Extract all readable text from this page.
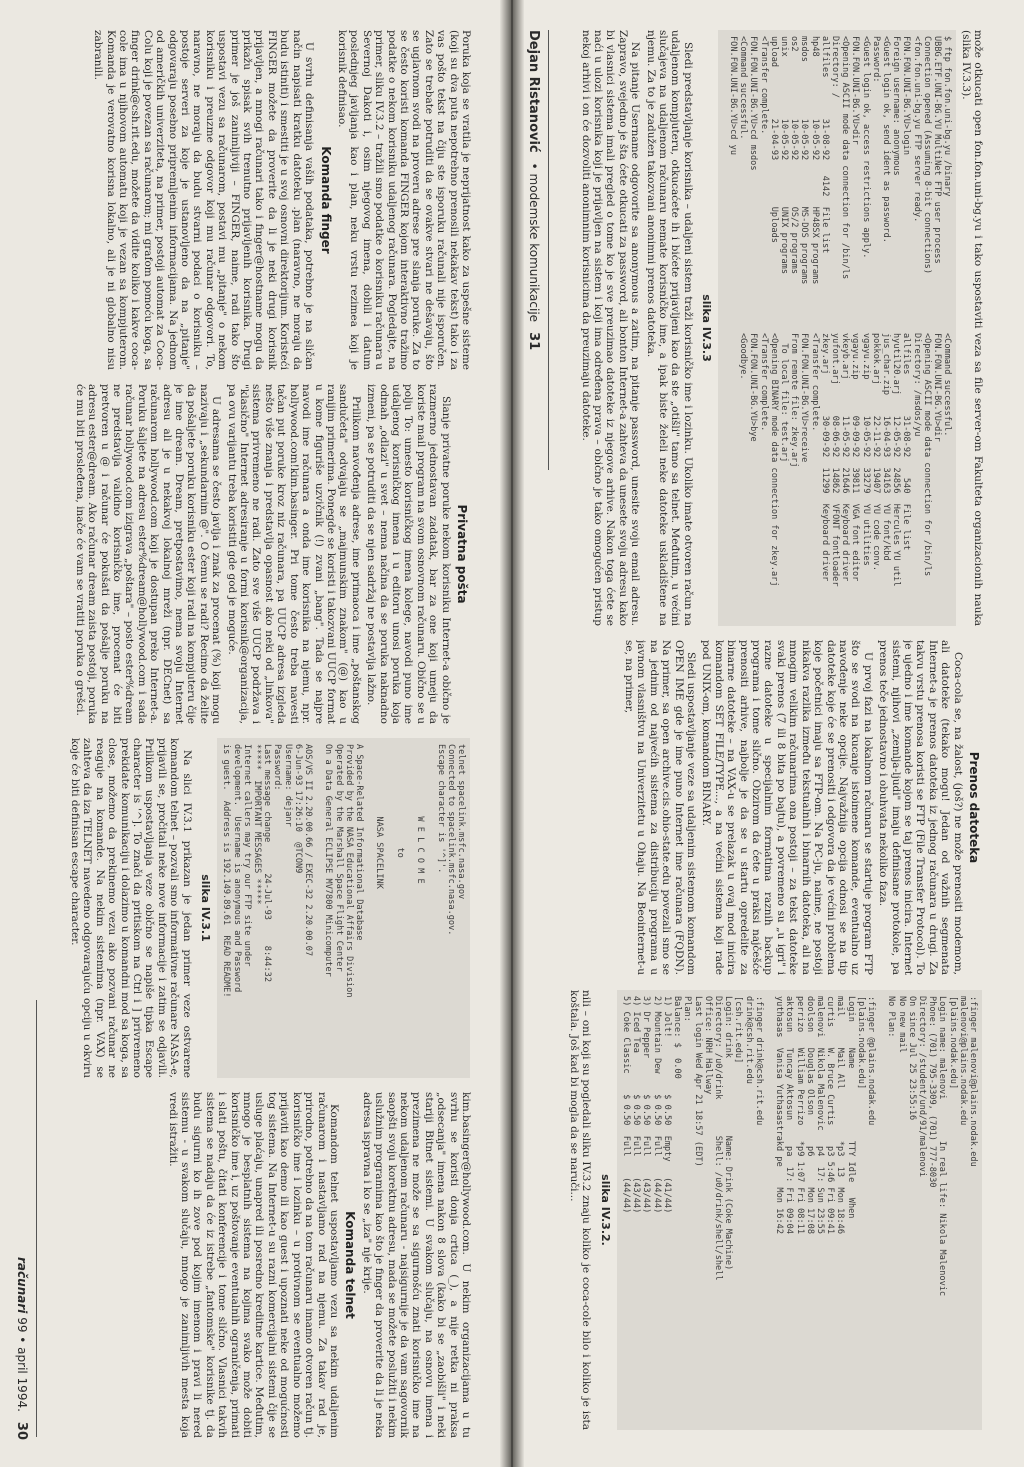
kim.basinger@hollywood.com. U nekim organizacijama u tu svrhu se koristi donja crtica (_), a nije retka ni praksa „odsecanja" imena nakon 8 slova (kako bi se „zaobišli" i neki stariji Bitnet sistemi. U svakom slučaju, na osnovu imena i prezimena ne može se sa sigurnošću znati korisničko ime na nekom udaljenom računaru - najsigurnije je da vam sagovornik saopšti svoju korektnu adresu, mada se možete poslužiti i nekim uslužnim programima kao što je finger da proverite da li je neka adresa ispravna i ko se „iza" nje krije.

Komanda telnet

Komandom telnet uspostavljamo vezu sa nekim udaljenim računarom i nastavljamo rad na njemu. Za takav rad je, prirodno, potrebno da na tom računaru imamo otvoren račun tj. korisničko ime i lozinku – u protivnom se eventualno možemo prijaviti kao demo ili kao guest i upoznati neke od mogućnosti tog sistema. Na Internet-u su razni komercijalni sistemi čije se usluge plaćaju, unapred ili posredno kreditne kartice. Međutim, mnogo je besplatnih sistema na kojima svako može dobiti korisničko ime i, uz poštovanje eventualnih ograničenja, primati i slati poštu, čitati konferencije i tome slično. Vlasnici takvih sistema se nadaju da će iz istrebe „fantomske" korisnike tj. da budu sigurni ko ih zove pod kojim imenom i pravi li nered sistemu - u svakom slučaju, mnogo je zanimljivih mesta koja vredi istražiti.

telnet spacelink.msfc.nasa.gov
Connected to spacelink.msfc.nasa.gov.
Escape character is '^]'.

W E L C O M E

to

NASA SPACELINK

A Space-Related Informational Database
Provided by the NASA Educational Affairs Division
Operated by the Marshall Space Flight Center
On a Data General ECLIPSE MV7800 Minicomputer

AOS/VS II 2.20.00.66 / EXEC-32 2.20.00.07
6-Jun-93 17:26:10  @TCON9
Username: dejanr
Password:
Last message change      24-Jul-93     8:44:32
*****  IMPORTANT MESSAGES *****
Internet callers may try our FTP site under
development.  Username is anonymous and Password
is guest.  Address is 192.149.89.61  READ README!
slika IV.3.1

Na slici IV.3.1 prikazan je jedan primer veze ostvarene komandom telnet – pozvali smo informativne računare NASA-e, prijavili se, pročitali neke nove informacije i zatim se odjavili. Prilikom uspostavljanja veze obično se napiše tipka Escape character is '^]. To znači da pritiskom na Ctrl i ] privremeno prekidate komunikaciju i dolazimo u komandni mod sa koga, sa close, možemo da prekinemo vezu ako pozvani računar ne reaguje na komande. Na nekim sistemima (npr. VAX) se zahteva da iza TELNET navedeno odgovarajuću opciju u okviru koje će biti definisan escape character.

Privatna pošta

Slanje privatne poruke nekom korisniku Internet-a obično je razmerno jednostavan zadatak, bar za one koji umeju da koriste mail program na svom osnovnom računaru. Obično se u polju To: umesto korisničkog imena kolege, navodi puno ime udaljenog korisničkog imena i u editoru unosi poruka koja odmah „odlazi" u svet – nema načina da se poruka naknadno izmeni, pa se potruditi da se njen sadržaj ne postavlja lažno.

Prilikom navođenja adrese, ime primaoca i ime „poštanskog sandučeta" odvajaju se „majmunskim znakom" (@) kao u ranijim primerima. Ponegde se koristi i takozvani UUCP format u kome figuriše uzvičnik (!) zvani „bang". Tada se najpre navodi ime računara a onda ime korisnika na njemu, npr. hollywood.com!kim.basinger. Pri tome često treba navesti tačan put poruke kroz niz računara, pa UUCP adresa izgleda nešto više znanja i predstavlja opasnost ako neki od „linkova" sistema privremeno ne radi. Zato sve više UUCP podržava i "klasično" Internet adresiranje u formi korisnik@organizacija, pa ovu varijantu treba koristiti gde god je moguće.

U adresama se često javlja i znak za procenat (%) koji mogu nazivaju i „sekundarnim @". O čemu se radi? Recimo da želite da pošaljete poruku korisniku ester koji radi na kompjuteru čije je ime dream. Dream, pretpostavimo, nema svoju Internet adresu ali je u nekakvoj lokalnoj mreži (npr. DECnet) sa računarom hollywood.com koji je dostupan preko Internet-a. Poruku šaljete na adresu ester%dream@hollywood.com i sada računar hollywood.com izigrava „poštara" – posto ester%dream ne predstavlja validno korisničko ime, procenat će biti pretvoren u @ i računar će pokušati da pošalje poruku na adresu ester@dream. Ako računar dream zaista postoji, poruka će mu biti prosleđena, inače će vam se vratiti poruka o grešci.

Poruka koja se vratila je neprijatnost kako za uspešne sisteme (koji su dva puta nepotrebno prenosili nekakav tekst) tako i za vas pošto tekst na čiju ste isporuku računali nije isporučen. Zato se trebate potruditi da se ovakve stvari ne dešavaju, što se uglavnom svodi na proveru adrese pre slanja poruke. Za to se često koristi komanda FINGER kojom interaktivno tražimo podatke o nekom korisniku udaljenog računara. Pogledajte, na primer, sliku IV.3.2 – tražili smo podatke o korisniku računara u Severnoj Dakoti i, osim njegovog imena, dobili i datum poslednjeg javljanja kao i plan, neku vrstu rezimea koji je korisnik definisao.

Komanda finger

U svrhu definisanja vaših podataka, potrebno je na sličan način napisati kratku datoteku .plan (naravno, ne moraju da budu istiniti) i smestiti je u svoj osnovni direktorijum. Koristeći FINGER možete da proverite da li je neki drugi korisnik prijavljen, a mnogi računari tako i finger@hostname mogu da prikažu spisak svih trenutno prijavljenih korisnika. Drugi primer je još zanimljiviji – FINGER, naime, radi tako što uspostavi vezu sa računarom, postavi mu „pitanje" o nekom korisniku i preuzme odgovor koji mu računar odgovori. To, naravno, ne moraju da budu stvarni podaci o korisniku – postoje serveri za koje je ustanovljeno da na „pitanje" odgovaraju posebno pripremljenim informacijama. Na jednom od američkih univerziteta, na primer, postoji automat za Coca-Colu koji je povezan sa računarom; mi grafom pomoću koga, sa finger drink@csh.rit.edu, možete da vidite koliko i kakve coca-cole ima u njihovom automatu koji je vezan sa kompjuterom. Komanda je verovatno korisna lokalno, ali je ni globalno nisu zabranili.

30
računari 99 • april 1994.
:finger malenovi@plains.nodak.edu
malenovi@plains.nodak.edu
[plains.nodak.edu]
Login name: malenovi        In real life: Nikola Malenovic
Phone: (701) 795-3309, (701) 777-8030
Directory: /student/und/91/malenovi
On since Jul 25 23:55:16
No new mail
No Plan:

:finger @plains.nodak.edu
[plains.nodak.edu]
Login     Name              TTY Idle   When
mail      Mail All          *p3  13  Mon 18:46
curtis    W. Bruce Curtis    p3 5:46 Fri 09:41
malenovi  Nikola Malenovic   p4  17: Sun 23:55
doolson   Douglas Olson      p6      Mon 17:08
perrizo   William Perrizo   *p9 1:07 Fri 08:11
aktosun   Tuncay Aktosun     pa  17: Fri 09:04
yuthasas  Vanisa Yuthasastrakd pe    Mon 16:42

:finger drink@csh.rit.edu
drink@csh.rit.edu
[csh.rit.edu]
Login: drink               Name: Drink (Coke Machine)
Directory: /u0/drink       Shell: /u0/drink/shell/shell
Office: NRH Hallway
Last login Wed Apr 21 18:57 (EDT)
Plan:
Balance: $  0.00
1) Jolt!           $ 0.50  Empty   (41/44)
2) Mountain Dew    $ 0.50  Full    (44/44)
3) Dr Pepper       $ 0.50  Full    (43/44)
4) Iced Tea        $ 0.50  Full    (43/44)
5) Coke Classic    $ 0.50  Full    (44/44)
slika IV.3.2.

nili – oni koji su pogledali sliku IV.3.2 znaju koliko je coca-cole bilo i koliko je ista koštala. Još kad bi mogla da se naruči...

Prenos datoteka

Coca-cola se, na žalost, (još?) ne može prenositi modemom, ali datoteke (tekako mogu! Jedan od važnih segmenata Internet-a je prenos datoteka iz jednog računara u drugi. Za takvu vrstu prenosa koristi se FTP (File Transfer Protocol). To je ujedno i ime komande kojom se taj prenos inicira. Internet sistemi, njihovi „zemlja-ljudi" imaju definisane protokole, pa prenos teče jednostavno i obuhvata nekoliko faza.

U prvoj fazi na lokalnom računaru se startuje program FTP što se svodi na kucanje istoimene komande, eventualno uz navođenje neke opcije. Najvažnija opcija odnosi se na tip datoteke koje će se prenositi i odgovora da je većini problema koje početnici imaju sa FTP-om. Na PC-ju, naime, ne postoji nikakva razlika između tekstualnih i binarnih datoteka, ali na mnogim velikim računarima ona postoji – za tekst datoteke svaki prenos (7 ili 8 bita po bajtu), a povremeno su „u igri" i razne datoteke u specijalnim formatima raznih backup programa i tome slično. Obzirom da ćete u praksi najčešće prenositi arhive, najbolje je da se u startu opredelite za binarne datoteke – na VAX-u se prelazak u ovaj mod inicira komandom SET FILE/TYPE..., a na većini sistema koji rade pod UNIX-om, komandom BINARY.

Sledi uspostavljanje veze sa udaljenim sistemom komandom OPEN IME gde je ime puno Internet ime računara (FQDN). Na primer, sa open archive.cis.ohio-state.edu povezali smo se na jednim od najvećih sistema za distribuciju programa u javnom vlasništvu na Univerzitetu u Ohaju. Na Beointernet-u se, na primer,

može otkucati open fon.fon.uni-bg.yu i tako uspostaviti veza sa file server-om Fakulteta organizacionih nauka (slika IV.3.3).

$ ftp fon.fon.uni-bg.yu /binary
UBBG.ETF.UNI-BG.YU MultiNet FTP user process
Connection opened (Assuming 8-bit connections)
<fon.fon.uni-bg.yu FTP server ready.
FON.FON.UNI-BG.YU>login
Foreign username: anonymous
<Guest login ok, send ident as password.
Password:
<Guest login ok, access restrictions apply.
FON.FON.UNI-BG.YU>dir
<Opening ASCII mode data connection for /bin/ls
Directory: /
allfiles        31-08-92   4142  File list
hp48            10-05-92         HP48SX programs
msdos           10-05-92         MS-DOS programs
os2             10-05-92         OS/2 programs
unix            10-05-92         UNIX programs
upload          21-04-93         Uploads
<Transfer complete.
FON.FON.UNI-BG.YU>cd msdos
<Command successful.
FON.FON.UNI-BG.YU>cd yu
<Command successful.
FON.FON.UNI-BG.YU>dir
<Opening ASCII mode data connection for /bin/ls
Directory: /msdos/yu
allfiles        31-08-92    540  File list
hyutil20.arj    12-05-92  24856  Hercules YU util
jus_char.zip    16-04-93  34163  YU font/kbd
pokkok.arj      22-11-92  19407  YU code conv.
vgayu.zip       10-05-92  33279  YU utilities
vgayu.zip       09-09-92  39811  VGA font editor
vkeyb.arj       11-05-92  21646  Keyboard driver
yufont.arj      08-06-92  14862  VFONT fontloader
zkey.arj        30-09-92  11299  Keyboard driver
<Transfer complete.
FON.FON.UNI-BG.YU>receive
From remote file: zkey.arj
To local file: test.arj
<Opening BINARY mode data connection for zkey.arj
<Transfer complete.
FON.FON.UNI-BG.YU>bye
<Goodbye.
slika IV.3.3

Sledi predstavljanje korisnika – udaljeni sistem traži korisničko ime i lozinku. Ukoliko imate otvoren račun na udaljenom kompjuteru, otkucaćete ih i bićete prijavljeni kao da ste „otišli" tamo sa telnet. Međutim, u većini slučajeva na udaljenom računaru nemate korisničko ime, a ipak biste želeli neke datoteke uskladištene na njemu. Za to je zadužen takozvani anonimni prenos datoteka.

Na pitanje Username odgovorite sa anonymous a zatim, na pitanje password, unesite svoju email adresu. Zapravo, svejedno je šta ćete otkucati za password, ali bonton Internet-a zahteva da unesete svoju adresu kako bi vlasnici sistema imali pregled o tome ko je sve preuzimao datoteke iz njegove arhive. Nakon toga ćete se naći u ulozi korisnika koji je prijavljen na sistem i koji ima određena prava – obično je tako omogućen pristup nekoj arhivi i on će dozvoliti anonimnim korisnicima da preuzimaju datoteke.

Dejan Ristanović
• modemske komunikacije
31
